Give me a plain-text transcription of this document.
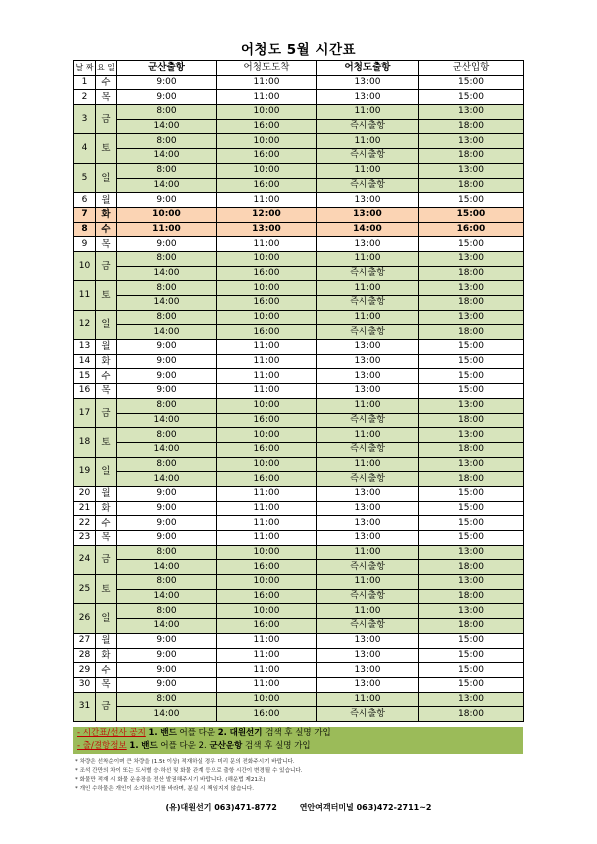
어청도 5월 시간표
날 짜	요 일	군산출항	어청도도착	어청도출항	군산입항
1	수	9:00	11:00	13:00	15:00
2	목	9:00	11:00	13:00	15:00
3	금	8:00	10:00	11:00	13:00
		14:00	16:00	즉시출항	18:00
4	토	8:00	10:00	11:00	13:00
		14:00	16:00	즉시출항	18:00
5	일	8:00	10:00	11:00	13:00
		14:00	16:00	즉시출항	18:00
6	월	9:00	11:00	13:00	15:00
7	화	10:00	12:00	13:00	15:00
8	수	11:00	13:00	14:00	16:00
9	목	9:00	11:00	13:00	15:00
10	금	8:00	10:00	11:00	13:00
		14:00	16:00	즉시출항	18:00
11	토	8:00	10:00	11:00	13:00
		14:00	16:00	즉시출항	18:00
12	일	8:00	10:00	11:00	13:00
		14:00	16:00	즉시출항	18:00
13	월	9:00	11:00	13:00	15:00
14	화	9:00	11:00	13:00	15:00
15	수	9:00	11:00	13:00	15:00
16	목	9:00	11:00	13:00	15:00
17	금	8:00	10:00	11:00	13:00
		14:00	16:00	즉시출항	18:00
18	토	8:00	10:00	11:00	13:00
		14:00	16:00	즉시출항	18:00
19	일	8:00	10:00	11:00	13:00
		14:00	16:00	즉시출항	18:00
20	월	9:00	11:00	13:00	15:00
21	화	9:00	11:00	13:00	15:00
22	수	9:00	11:00	13:00	15:00
23	목	9:00	11:00	13:00	15:00
24	금	8:00	10:00	11:00	13:00
		14:00	16:00	즉시출항	18:00
25	토	8:00	10:00	11:00	13:00
		14:00	16:00	즉시출항	18:00
26	일	8:00	10:00	11:00	13:00
		14:00	16:00	즉시출항	18:00
27	월	9:00	11:00	13:00	15:00
28	화	9:00	11:00	13:00	15:00
29	수	9:00	11:00	13:00	15:00
30	목	9:00	11:00	13:00	15:00
31	금	8:00	10:00	11:00	13:00
		14:00	16:00	즉시출항	18:00
- 시간표/선사 공지 1. 밴드 어플 다운 2. 대원선기 검색 후 실명 가입
- 출/결항정보 1. 밴드 어플 다운 2. 군산운항 검색 후 실명 가입
* 차량은 선착순이며 큰 차량을 (1.5t 이상) 적재하실 경우 미리 문의 전화주시기 바랍니다.
* 조석 간만의 차이 또는 도서별 승·하선 및 화물 관계 등으로 출항 시간이 변경될 수 있습니다.
* 화물만 적재 시 화물 운송장을 전산 발권해주시기 바랍니다. (해운법 제21조)
* 개인 수하물은 개인이 소지하시기를 바라며, 분실 시 책임지지 않습니다.
(유)대원선기 063)471-8772	연안여객터미널 063)472-2711~2
